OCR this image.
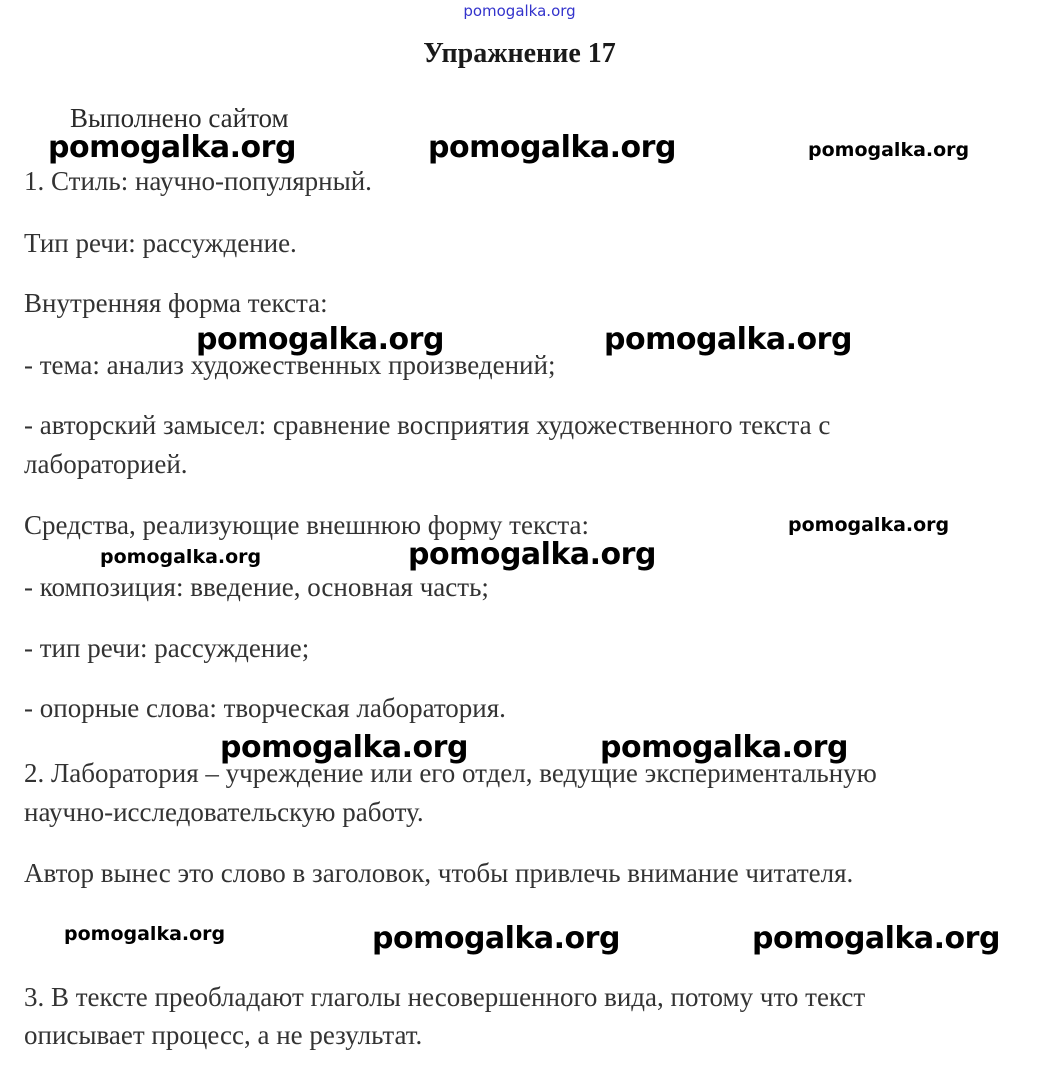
pomogalka.org
Упражнение 17
Выполнено сайтом
1. Стиль: научно-популярный.
Тип речи: рассуждение.
Внутренняя форма текста:
- тема: анализ художественных произведений;
- авторский замысел: сравнение восприятия художественного текста с
лабораторией.
Средства, реализующие внешнюю форму текста:
- композиция: введение, основная часть;
- тип речи: рассуждение;
- опорные слова: творческая лаборатория.
2. Лаборатория – учреждение или его отдел, ведущие экспериментальную
научно-исследовательскую работу.
Автор вынес это слово в заголовок, чтобы привлечь внимание читателя.
3. В тексте преобладают глаголы несовершенного вида, потому что текст
описывает процесс, а не результат.
pomogalka.org	pomogalka.org	pomogalka.org
pomogalka.org	pomogalka.org
pomogalka.org
pomogalka.org	pomogalka.org
pomogalka.org	pomogalka.org
pomogalka.org	pomogalka.org	pomogalka.org
